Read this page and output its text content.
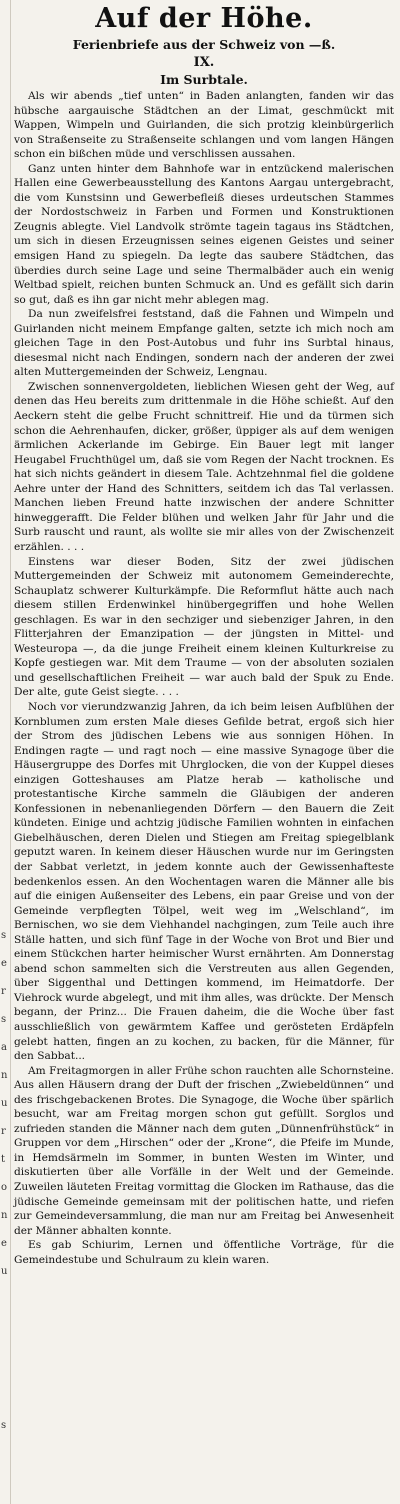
s
e
r
s
a
n
u
r
t
o
n
e
u
s
Auf der Höhe.
Ferienbriefe aus der Schweiz von —ß.
IX.
Im Surbtale.

Als wir abends „tief unten“ in Baden anlangten, fanden wir das hübsche aargauische Städtchen an der Limat, geschmückt mit Wappen, Wimpeln und Guirlanden, die sich protzig kleinbürgerlich von Straßenseite zu Straßenseite schlangen und vom langen Hängen schon ein bißchen müde und verschlissen aussahen.

Ganz unten hinter dem Bahnhofe war in entzückend malerischen Hallen eine Gewerbeausstellung des Kantons Aargau untergebracht, die vom Kunstsinn und Gewerbefleiß dieses urdeutschen Stammes der Nordostschweiz in Farben und Formen und Konstruktionen Zeugnis ablegte. Viel Landvolk strömte tagein tagaus ins Städtchen, um sich in diesen Erzeugnissen seines eigenen Geistes und seiner emsigen Hand zu spiegeln. Da legte das saubere Städtchen, das überdies durch seine Lage und seine Thermalbäder auch ein wenig Weltbad spielt, reichen bunten Schmuck an. Und es gefällt sich darin so gut, daß es ihn gar nicht mehr ablegen mag.

Da nun zweifelsfrei feststand, daß die Fahnen und Wimpeln und Guirlanden nicht meinem Empfange galten, setzte ich mich noch am gleichen Tage in den Post-Autobus und fuhr ins Surbtal hinaus, diesesmal nicht nach Endingen, sondern nach der anderen der zwei alten Muttergemeinden der Schweiz, Lengnau.

Zwischen sonnenvergoldeten, lieblichen Wiesen geht der Weg, auf denen das Heu bereits zum drittenmale in die Höhe schießt. Auf den Aeckern steht die gelbe Frucht schnittreif. Hie und da türmen sich schon die Aehrenhaufen, dicker, größer, üppiger als auf dem wenigen ärmlichen Ackerlande im Gebirge. Ein Bauer legt mit langer Heugabel Fruchthügel um, daß sie vom Regen der Nacht trocknen. Es hat sich nichts geändert in diesem Tale. Achtzehnmal fiel die goldene Aehre unter der Hand des Schnitters, seitdem ich das Tal verlassen. Manchen lieben Freund hatte inzwischen der andere Schnitter hinweggerafft. Die Felder blühen und welken Jahr für Jahr und die Surb rauscht und raunt, als wollte sie mir alles von der Zwischenzeit erzählen. . . .

Einstens war dieser Boden, Sitz der zwei jüdischen Muttergemeinden der Schweiz mit autonomem Gemeinderechte, Schauplatz schwerer Kulturkämpfe. Die Reformflut hätte auch nach diesem stillen Erdenwinkel hinübergegriffen und hohe Wellen geschlagen. Es war in den sechziger und siebenziger Jahren, in den Flitterjahren der Emanzipation — der jüngsten in Mittel- und Westeuropa —, da die junge Freiheit einem kleinen Kulturkreise zu Kopfe gestiegen war. Mit dem Traume — von der absoluten sozialen und gesellschaftlichen Freiheit — war auch bald der Spuk zu Ende. Der alte, gute Geist siegte. . . .

Noch vor vierundzwanzig Jahren, da ich beim leisen Aufblühen der Kornblumen zum ersten Male dieses Gefilde betrat, ergoß sich hier der Strom des jüdischen Lebens wie aus sonnigen Höhen. In Endingen ragte — und ragt noch — eine massive Synagoge über die Häusergruppe des Dorfes mit Uhrglocken, die von der Kuppel dieses einzigen Gotteshauses am Platze herab — katholische und protestantische Kirche sammeln die Gläubigen der anderen Konfessionen in nebenanliegenden Dörfern — den Bauern die Zeit kündeten. Einige und achtzig jüdische Familien wohnten in einfachen Giebelhäuschen, deren Dielen und Stiegen am Freitag spiegelblank geputzt waren. In keinem dieser Häuschen wurde nur im Geringsten der Sabbat verletzt, in jedem konnte auch der Gewissenhafteste bedenkenlos essen. An den Wochentagen waren die Männer alle bis auf die einigen Außenseiter des Lebens, ein paar Greise und von der Gemeinde verpflegten Tölpel, weit weg im „Welschland“, im Bernischen, wo sie dem Viehhandel nachgingen, zum Teile auch ihre Ställe hatten, und sich fünf Tage in der Woche von Brot und Bier und einem Stückchen harter heimischer Wurst ernährten. Am Donnerstag abend schon sammelten sich die Verstreuten aus allen Gegenden, über Siggenthal und Dettingen kommend, im Heimatdorfe. Der Viehrock wurde abgelegt, und mit ihm alles, was drückte. Der Mensch begann, der Prinz... Die Frauen daheim, die die Woche über fast ausschließlich von gewärmtem Kaffee und gerösteten Erdäpfeln gelebt hatten, fingen an zu kochen, zu backen, für die Männer, für den Sabbat...

Am Freitagmorgen in aller Frühe schon rauchten alle Schornsteine. Aus allen Häusern drang der Duft der frischen „Zwiebeldünnen“ und des frischgebackenen Brotes. Die Synagoge, die Woche über spärlich besucht, war am Freitag morgen schon gut gefüllt. Sorglos und zufrieden standen die Männer nach dem guten „Dünnenfrühstück“ in Gruppen vor dem „Hirschen“ oder der „Krone“, die Pfeife im Munde, in Hemdsärmeln im Sommer, in bunten Westen im Winter, und diskutierten über alle Vorfälle in der Welt und der Gemeinde. Zuweilen läuteten Freitag vormittag die Glocken im Rathause, das die jüdische Gemeinde gemeinsam mit der politischen hatte, und riefen zur Gemeindeversammlung, die man nur am Freitag bei Anwesenheit der Männer abhalten konnte.

Es gab Schiurim, Lernen und öffentliche Vorträge, für die Gemeindestube und Schulraum zu klein waren.
